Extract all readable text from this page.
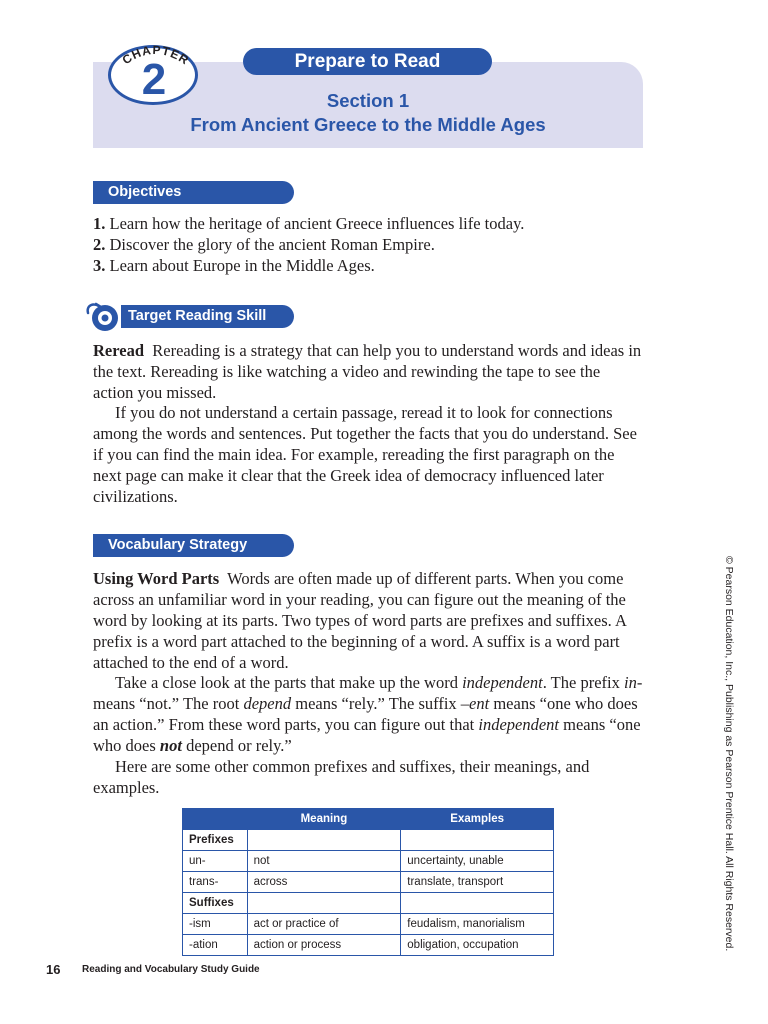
CHAPTER
2	Prepare to Read
Section 1
From Ancient Greece to the Middle Ages
Objectives
1. Learn how the heritage of ancient Greece influences life today.
2. Discover the glory of the ancient Roman Empire.
3. Learn about Europe in the Middle Ages.
Target Reading Skill

Reread Rereading is a strategy that can help you to understand words and ideas in the text. Rereading is like watching a video and rewinding the tape to see the action you missed.

If you do not understand a certain passage, reread it to look for connections among the words and sentences. Put together the facts that you do understand. See if you can find the main idea. For example, rereading the first paragraph on the next page can make it clear that the Greek idea of democracy influenced later civilizations.

Vocabulary Strategy

Using Word Parts Words are often made up of different parts. When you come across an unfamiliar word in your reading, you can figure out the meaning of the word by looking at its parts. Two types of word parts are prefixes and suffixes. A prefix is a word part attached to the beginning of a word. A suffix is a word part attached to the end of a word.

Take a close look at the parts that make up the word independent. The prefix in- means “not.” The root depend means “rely.” The suffix –ent means “one who does an action.” From these word parts, you can figure out that independent means “one who does not depend or rely.”

Here are some other common prefixes and suffixes, their meanings, and examples.

	Meaning	Examples
Prefixes		
un-	not	uncertainty, unable
trans-	across	translate, transport
Suffixes		
-ism	act or practice of	feudalism, manorialism
-ation	action or process	obligation, occupation
16 Reading and Vocabulary Study Guide
© Pearson Education, Inc., Publishing as Pearson Prentice Hall. All Rights Reserved.
